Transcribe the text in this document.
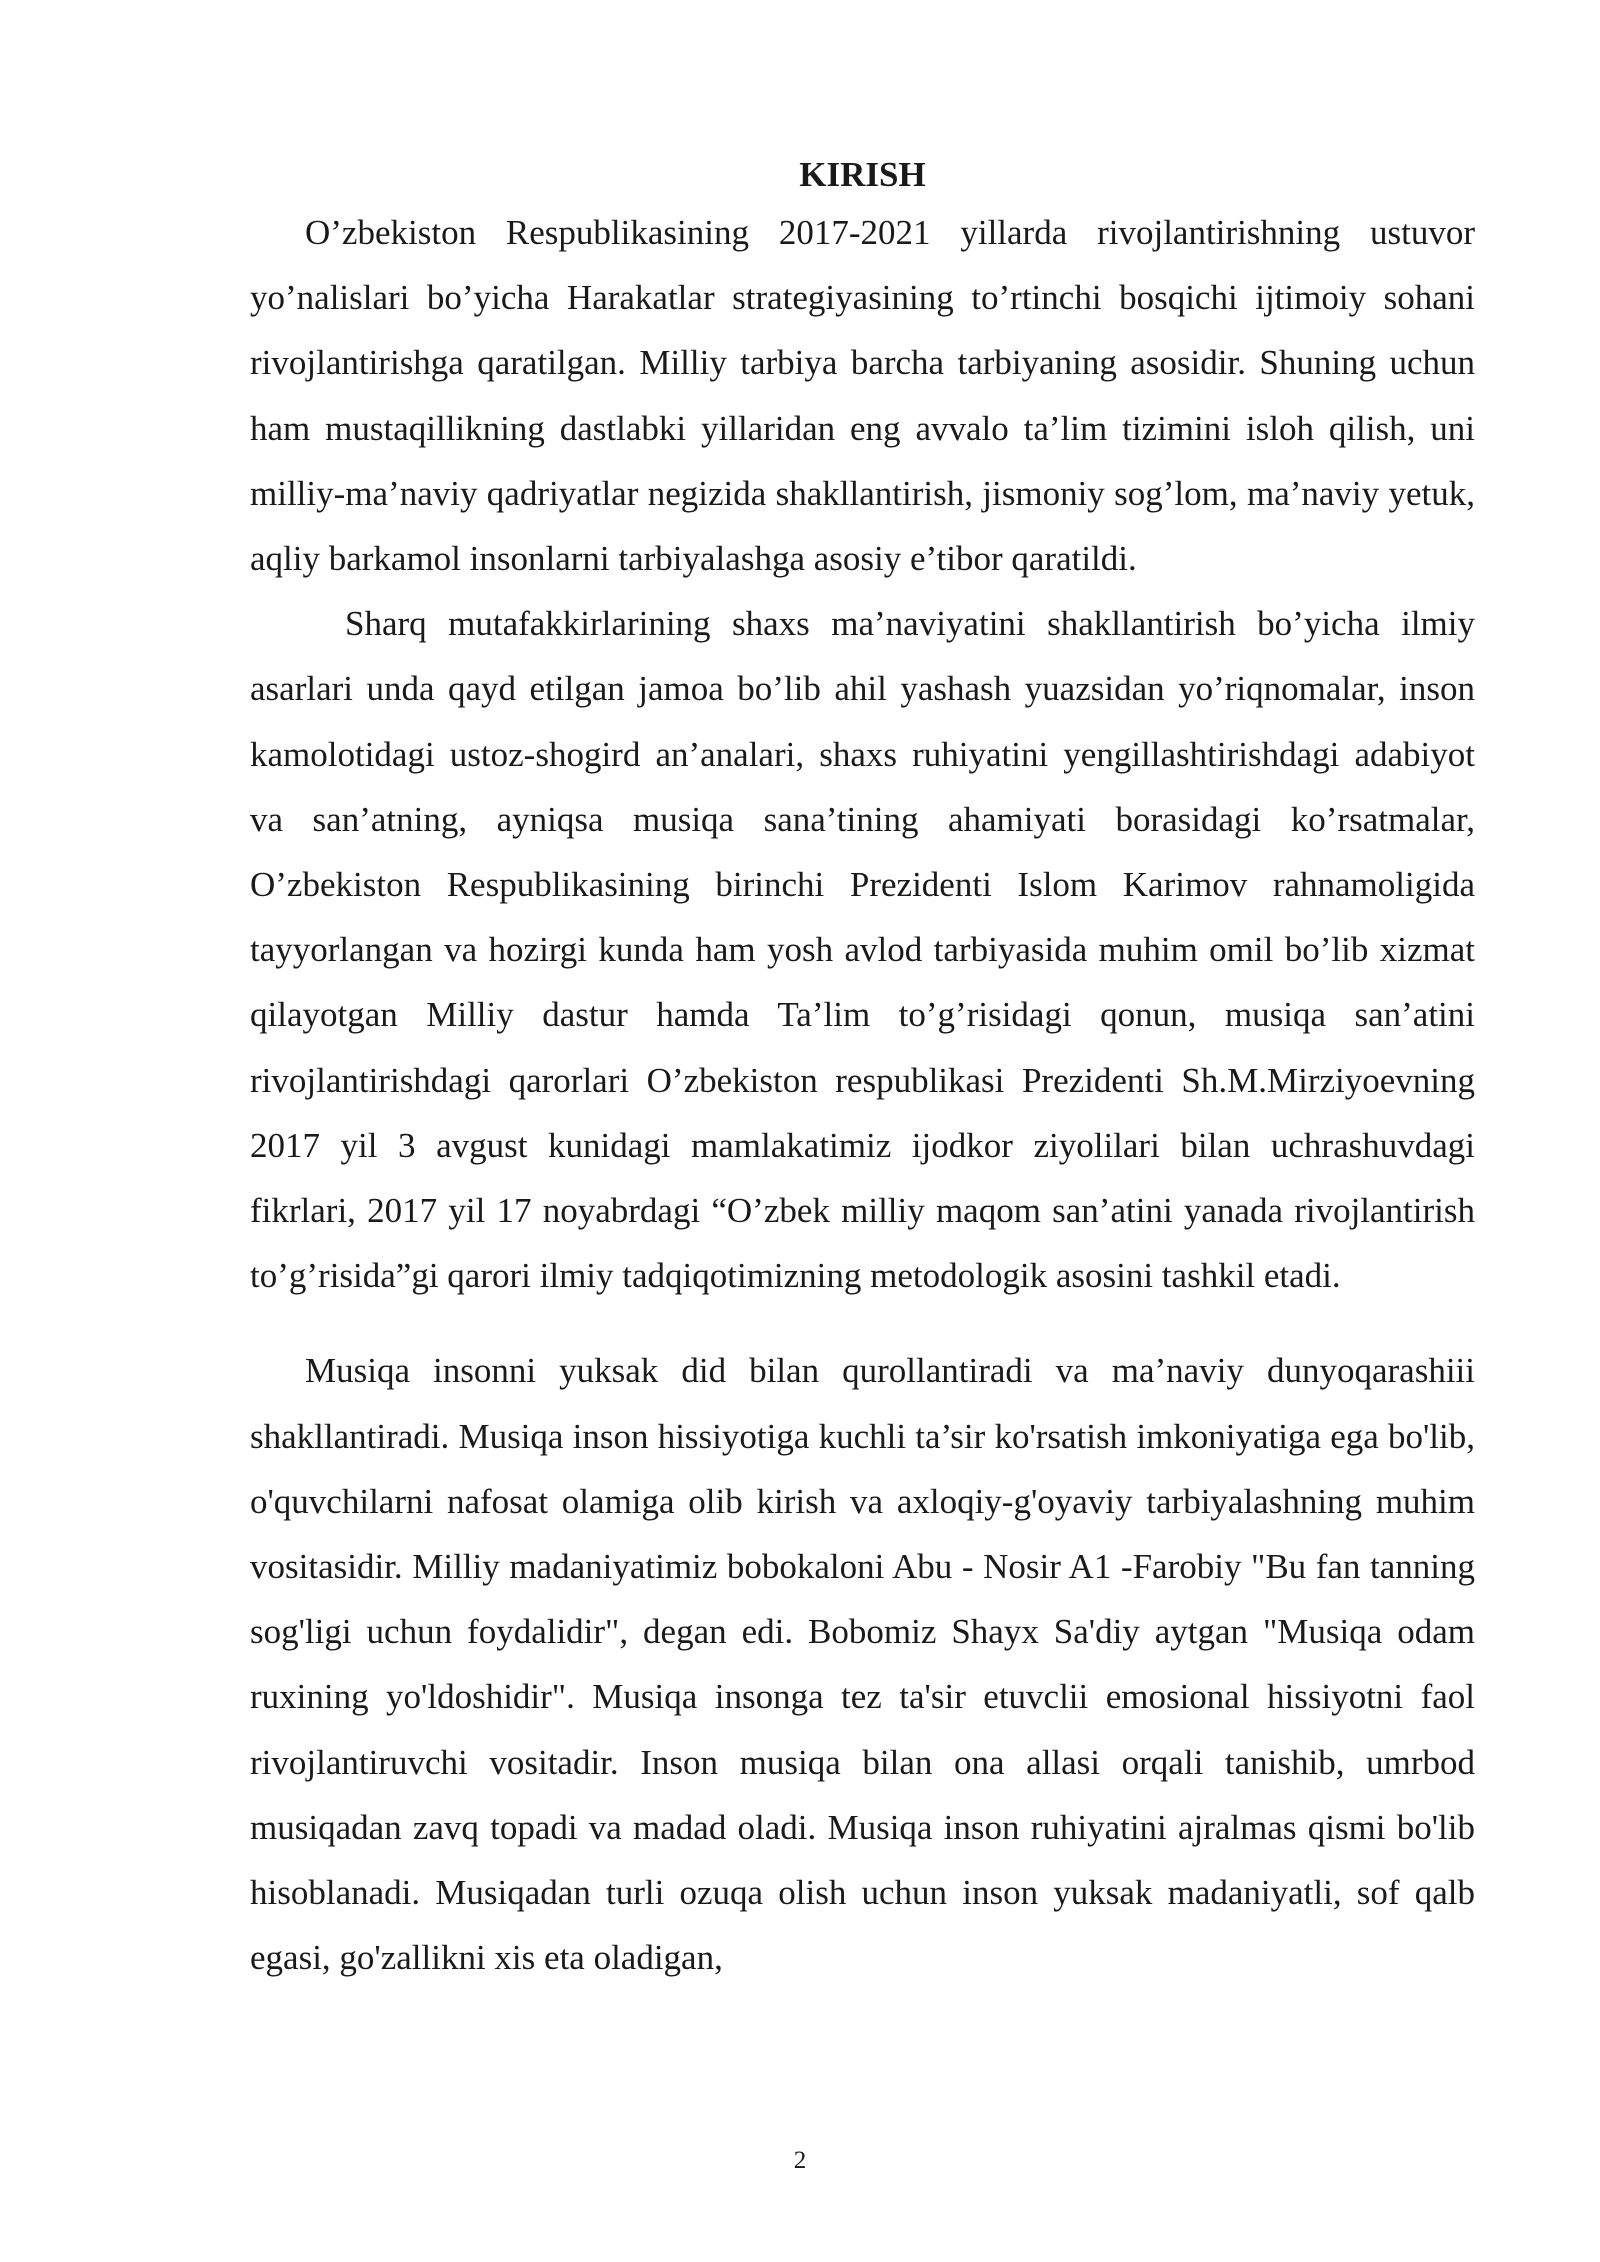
KIRISH

O’zbekiston Respublikasining 2017-2021 yillarda rivojlantirishning ustuvor yo’nalislari bo’yicha Harakatlar strategiyasining to’rtinchi bosqichi ijtimoiy sohani rivojlantirishga qaratilgan. Milliy tarbiya barcha tarbiyaning asosidir. Shuning uchun ham mustaqillikning dastlabki yillaridan eng avvalo ta’lim tizimini isloh qilish, uni milliy-ma’naviy qadriyatlar negizida shakllantirish, jismoniy sog’lom, ma’naviy yetuk, aqliy barkamol insonlarni tarbiyalashga asosiy e’tibor qaratildi.

Sharq mutafakkirlarining shaxs ma’naviyatini shakllantirish bo’yicha ilmiy asarlari unda qayd etilgan jamoa bo’lib ahil yashash yuazsidan yo’riqnomalar, inson kamolotidagi ustoz-shogird an’analari, shaxs ruhiyatini yengillashtirishdagi adabiyot va san’atning, ayniqsa musiqa sana’tining ahamiyati borasidagi ko’rsatmalar, O’zbekiston Respublikasining birinchi Prezidenti Islom Karimov rahnamoligida tayyorlangan va hozirgi kunda ham yosh avlod tarbiyasida muhim omil bo’lib xizmat qilayotgan Milliy dastur hamda Ta’lim to’g’risidagi qonun, musiqa san’atini rivojlantirishdagi qarorlari O’zbekiston respublikasi Prezidenti Sh.M.Mirziyoevning 2017 yil 3 avgust kunidagi mamlakatimiz ijodkor ziyolilari bilan uchrashuvdagi fikrlari, 2017 yil 17 noyabrdagi “O’zbek milliy maqom san’atini yanada rivojlantirish to’g’risida”gi qarori ilmiy tadqiqotimizning metodologik asosini tashkil etadi.

Musiqa insonni yuksak did bilan qurollantiradi va ma’naviy dunyoqarashiii shakllantiradi. Musiqa inson hissiyotiga kuchli ta’sir ko'rsatish imkoniyatiga ega bo'lib, o'quvchilarni nafosat olamiga olib kirish va axloqiy-g'oyaviy tarbiyalashning muhim vositasidir. Milliy madaniyatimiz bobokaloni Abu - Nosir A1 -Farobiy "Bu fan tanning sog'ligi uchun foydalidir", degan edi. Bobomiz Shayx Sa'diy aytgan "Musiqa odam ruxining yo'ldoshidir". Musiqa insonga tez ta'sir etuvclii emosional hissiyotni faol rivojlantiruvchi vositadir. Inson musiqa bilan ona allasi orqali tanishib, umrbod musiqadan zavq topadi va madad oladi. Musiqa inson ruhiyatini ajralmas qismi bo'lib hisoblanadi. Musiqadan turli ozuqa olish uchun inson yuksak madaniyatli, sof qalb egasi, go'zallikni xis eta oladigan,

2
